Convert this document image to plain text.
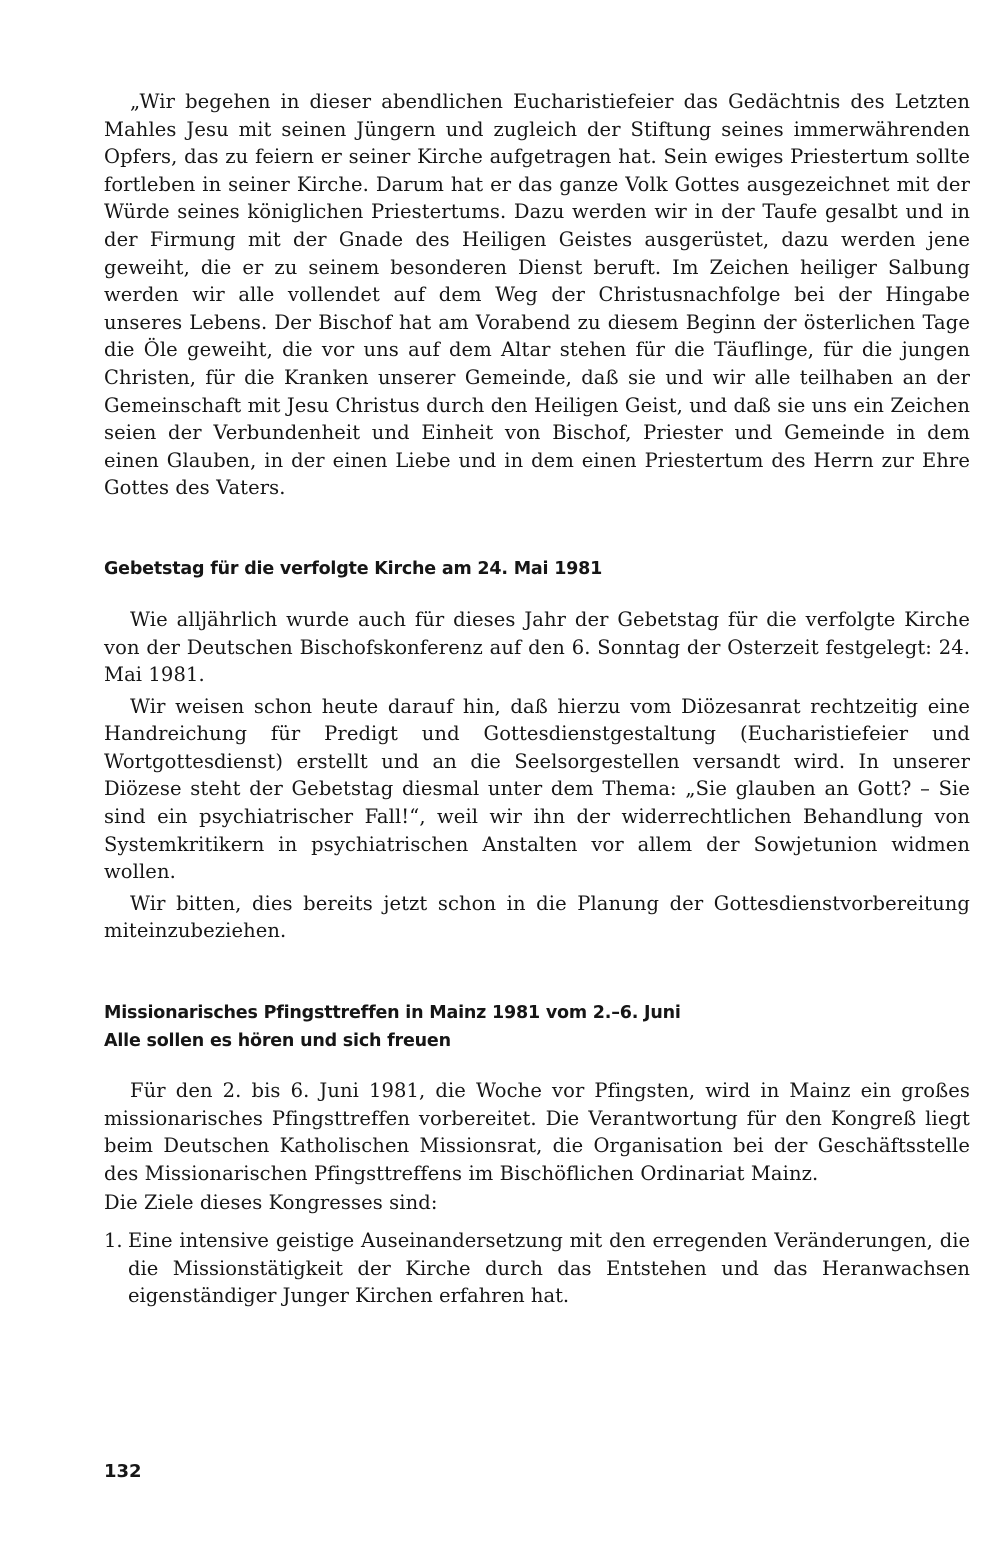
„Wir begehen in dieser abendlichen Eucharistiefeier das Gedächtnis des Letzten Mahles Jesu mit seinen Jüngern und zugleich der Stiftung seines immerwährenden Opfers, das zu feiern er seiner Kirche aufgetragen hat. Sein ewiges Priestertum sollte fortleben in seiner Kirche. Darum hat er das ganze Volk Gottes ausgezeichnet mit der Würde seines königlichen Priestertums. Dazu werden wir in der Taufe gesalbt und in der Firmung mit der Gnade des Heiligen Geistes ausgerüstet, dazu werden jene geweiht, die er zu seinem besonderen Dienst beruft. Im Zeichen heiliger Salbung werden wir alle vollendet auf dem Weg der Christusnachfolge bei der Hingabe unseres Lebens. Der Bischof hat am Vorabend zu diesem Beginn der österlichen Tage die Öle geweiht, die vor uns auf dem Altar stehen für die Täuflinge, für die jungen Christen, für die Kranken unserer Gemeinde, daß sie und wir alle teilhaben an der Gemeinschaft mit Jesu Christus durch den Heiligen Geist, und daß sie uns ein Zeichen seien der Verbundenheit und Einheit von Bischof, Priester und Gemeinde in dem einen Glauben, in der einen Liebe und in dem einen Priestertum des Herrn zur Ehre Gottes des Vaters.

Gebetstag für die verfolgte Kirche am 24. Mai 1981

Wie alljährlich wurde auch für dieses Jahr der Gebetstag für die verfolgte Kirche von der Deutschen Bischofskonferenz auf den 6. Sonntag der Osterzeit festgelegt: 24. Mai 1981.

Wir weisen schon heute darauf hin, daß hierzu vom Diözesanrat rechtzeitig eine Handreichung für Predigt und Gottesdienstgestaltung (Eucharistiefeier und Wortgottesdienst) erstellt und an die Seelsorgestellen versandt wird. In unserer Diözese steht der Gebetstag diesmal unter dem Thema: „Sie glauben an Gott? – Sie sind ein psychiatrischer Fall!“, weil wir ihn der widerrechtlichen Behandlung von Systemkritikern in psychiatrischen Anstalten vor allem der Sowjetunion widmen wollen.

Wir bitten, dies bereits jetzt schon in die Planung der Gottesdienstvorbereitung miteinzubeziehen.

Missionarisches Pfingsttreffen in Mainz 1981 vom 2.–6. Juni
Alle sollen es hören und sich freuen

Für den 2. bis 6. Juni 1981, die Woche vor Pfingsten, wird in Mainz ein großes missionarisches Pfingsttreffen vorbereitet. Die Verantwortung für den Kongreß liegt beim Deutschen Katholischen Missionsrat, die Organisation bei der Geschäftsstelle des Missionarischen Pfingsttreffens im Bischöflichen Ordinariat Mainz.

Die Ziele dieses Kongresses sind:

1. Eine intensive geistige Auseinandersetzung mit den erregenden Veränderungen, die die Missionstätigkeit der Kirche durch das Entstehen und das Heranwachsen eigenständiger Junger Kirchen erfahren hat.
132
